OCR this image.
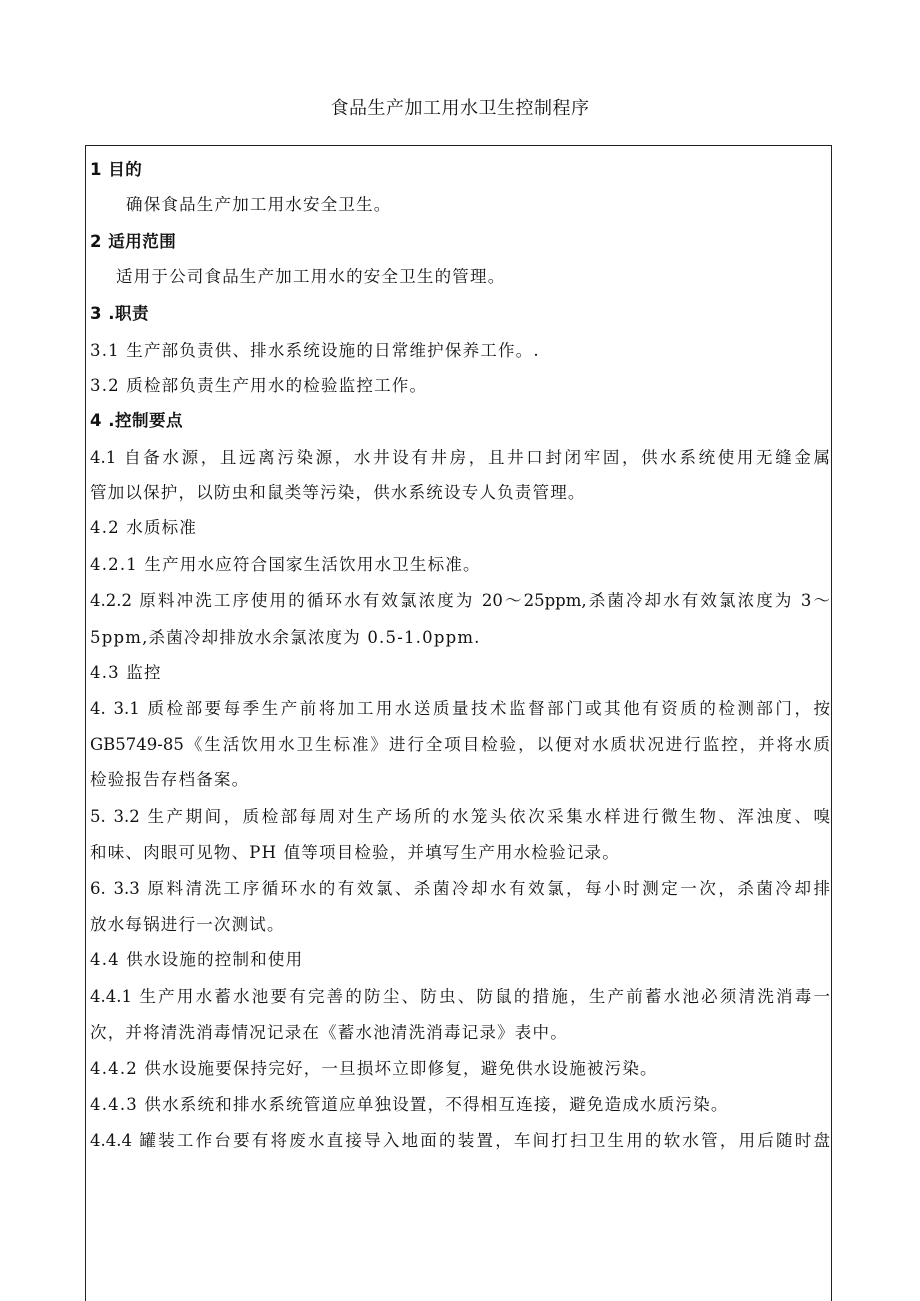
食品生产加工用水卫生控制程序
1 目的
确保食品生产加工用水安全卫生。
2 适用范围
适用于公司食品生产加工用水的安全卫生的管理。
3 .职责
3.1 生产部负责供、排水系统设施的日常维护保养工作。.
3.2 质检部负责生产用水的检验监控工作。
4 .控制要点
4.1 自备水源，且远离污染源，水井设有井房，且井口封闭牢固，供水系统使用无缝金属
管加以保护，以防虫和鼠类等污染，供水系统设专人负责管理。
4.2 水质标准
4.2.1 生产用水应符合国家生活饮用水卫生标准。
4.2.2 原料冲洗工序使用的循环水有效氯浓度为 20～25ppm,杀菌冷却水有效氯浓度为 3～
5ppm,杀菌冷却排放水余氯浓度为 0.5-1.0ppm.
4.3 监控
4. 3.1 质检部要每季生产前将加工用水送质量技术监督部门或其他有资质的检测部门，按
GB5749-85《生活饮用水卫生标准》进行全项目检验，以便对水质状况进行监控，并将水质
检验报告存档备案。
5. 3.2 生产期间，质检部每周对生产场所的水笼头依次采集水样进行微生物、浑浊度、嗅
和味、肉眼可见物、PH 值等项目检验，并填写生产用水检验记录。
6. 3.3 原料清洗工序循环水的有效氯、杀菌冷却水有效氯，每小时测定一次，杀菌冷却排
放水每锅进行一次测试。
4.4 供水设施的控制和使用
4.4.1 生产用水蓄水池要有完善的防尘、防虫、防鼠的措施，生产前蓄水池必须清洗消毒一
次，并将清洗消毒情况记录在《蓄水池清洗消毒记录》表中。
4.4.2 供水设施要保持完好，一旦损坏立即修复，避免供水设施被污染。
4.4.3 供水系统和排水系统管道应单独设置，不得相互连接，避免造成水质污染。
4.4.4 罐装工作台要有将废水直接导入地面的装置，车间打扫卫生用的软水管，用后随时盘
